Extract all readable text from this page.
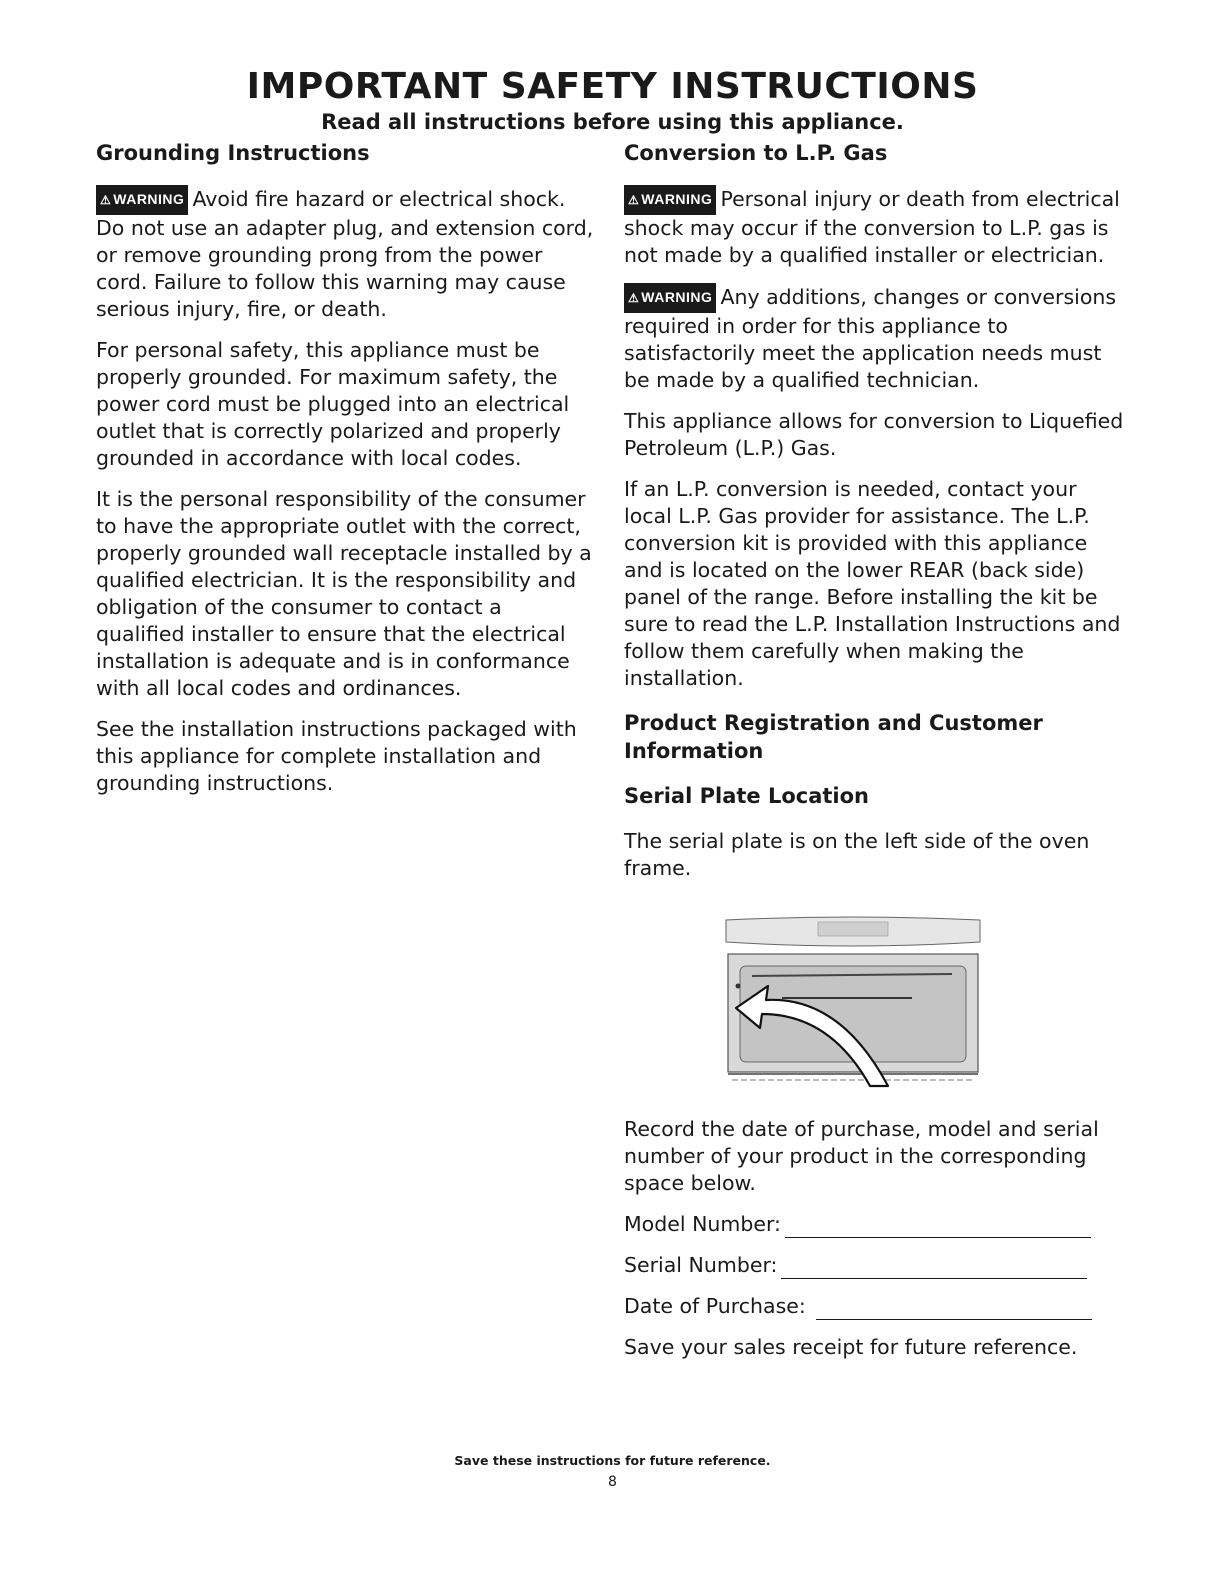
IMPORTANT SAFETY INSTRUCTIONS
Read all instructions before using this appliance.
Grounding Instructions

⚠ WARNING Avoid fire hazard or electrical shock. Do not use an adapter plug, and extension cord, or remove grounding prong from the power cord. Failure to follow this warning may cause serious injury, fire, or death.

For personal safety, this appliance must be properly grounded. For maximum safety, the power cord must be plugged into an electrical outlet that is correctly polarized and properly grounded in accordance with local codes.

It is the personal responsibility of the consumer to have the appropriate outlet with the correct, properly grounded wall receptacle installed by a qualified electrician. It is the responsibility and obligation of the consumer to contact a qualified installer to ensure that the electrical installation is adequate and is in conformance with all local codes and ordinances.

See the installation instructions packaged with this appliance for complete installation and grounding instructions.

Conversion to L.P. Gas

⚠ WARNING Personal injury or death from electrical shock may occur if the conversion to L.P. gas is not made by a qualified installer or electrician.

⚠ WARNING Any additions, changes or conversions required in order for this appliance to satisfactorily meet the application needs must be made by a qualified technician.

This appliance allows for conversion to Liquefied Petroleum (L.P.) Gas.

If an L.P. conversion is needed, contact your local L.P. Gas provider for assistance. The L.P. conversion kit is provided with this appliance and is located on the lower REAR (back side) panel of the range. Before installing the kit be sure to read the L.P. Installation Instructions and follow them carefully when making the installation.

Product Registration and Customer Information
Serial Plate Location

The serial plate is on the left side of the oven frame.

Record the date of purchase, model and serial number of your product in the corresponding space below.

Model Number:
Serial Number:
Date of Purchase:

Save your sales receipt for future reference.

Save these instructions for future reference.
8
